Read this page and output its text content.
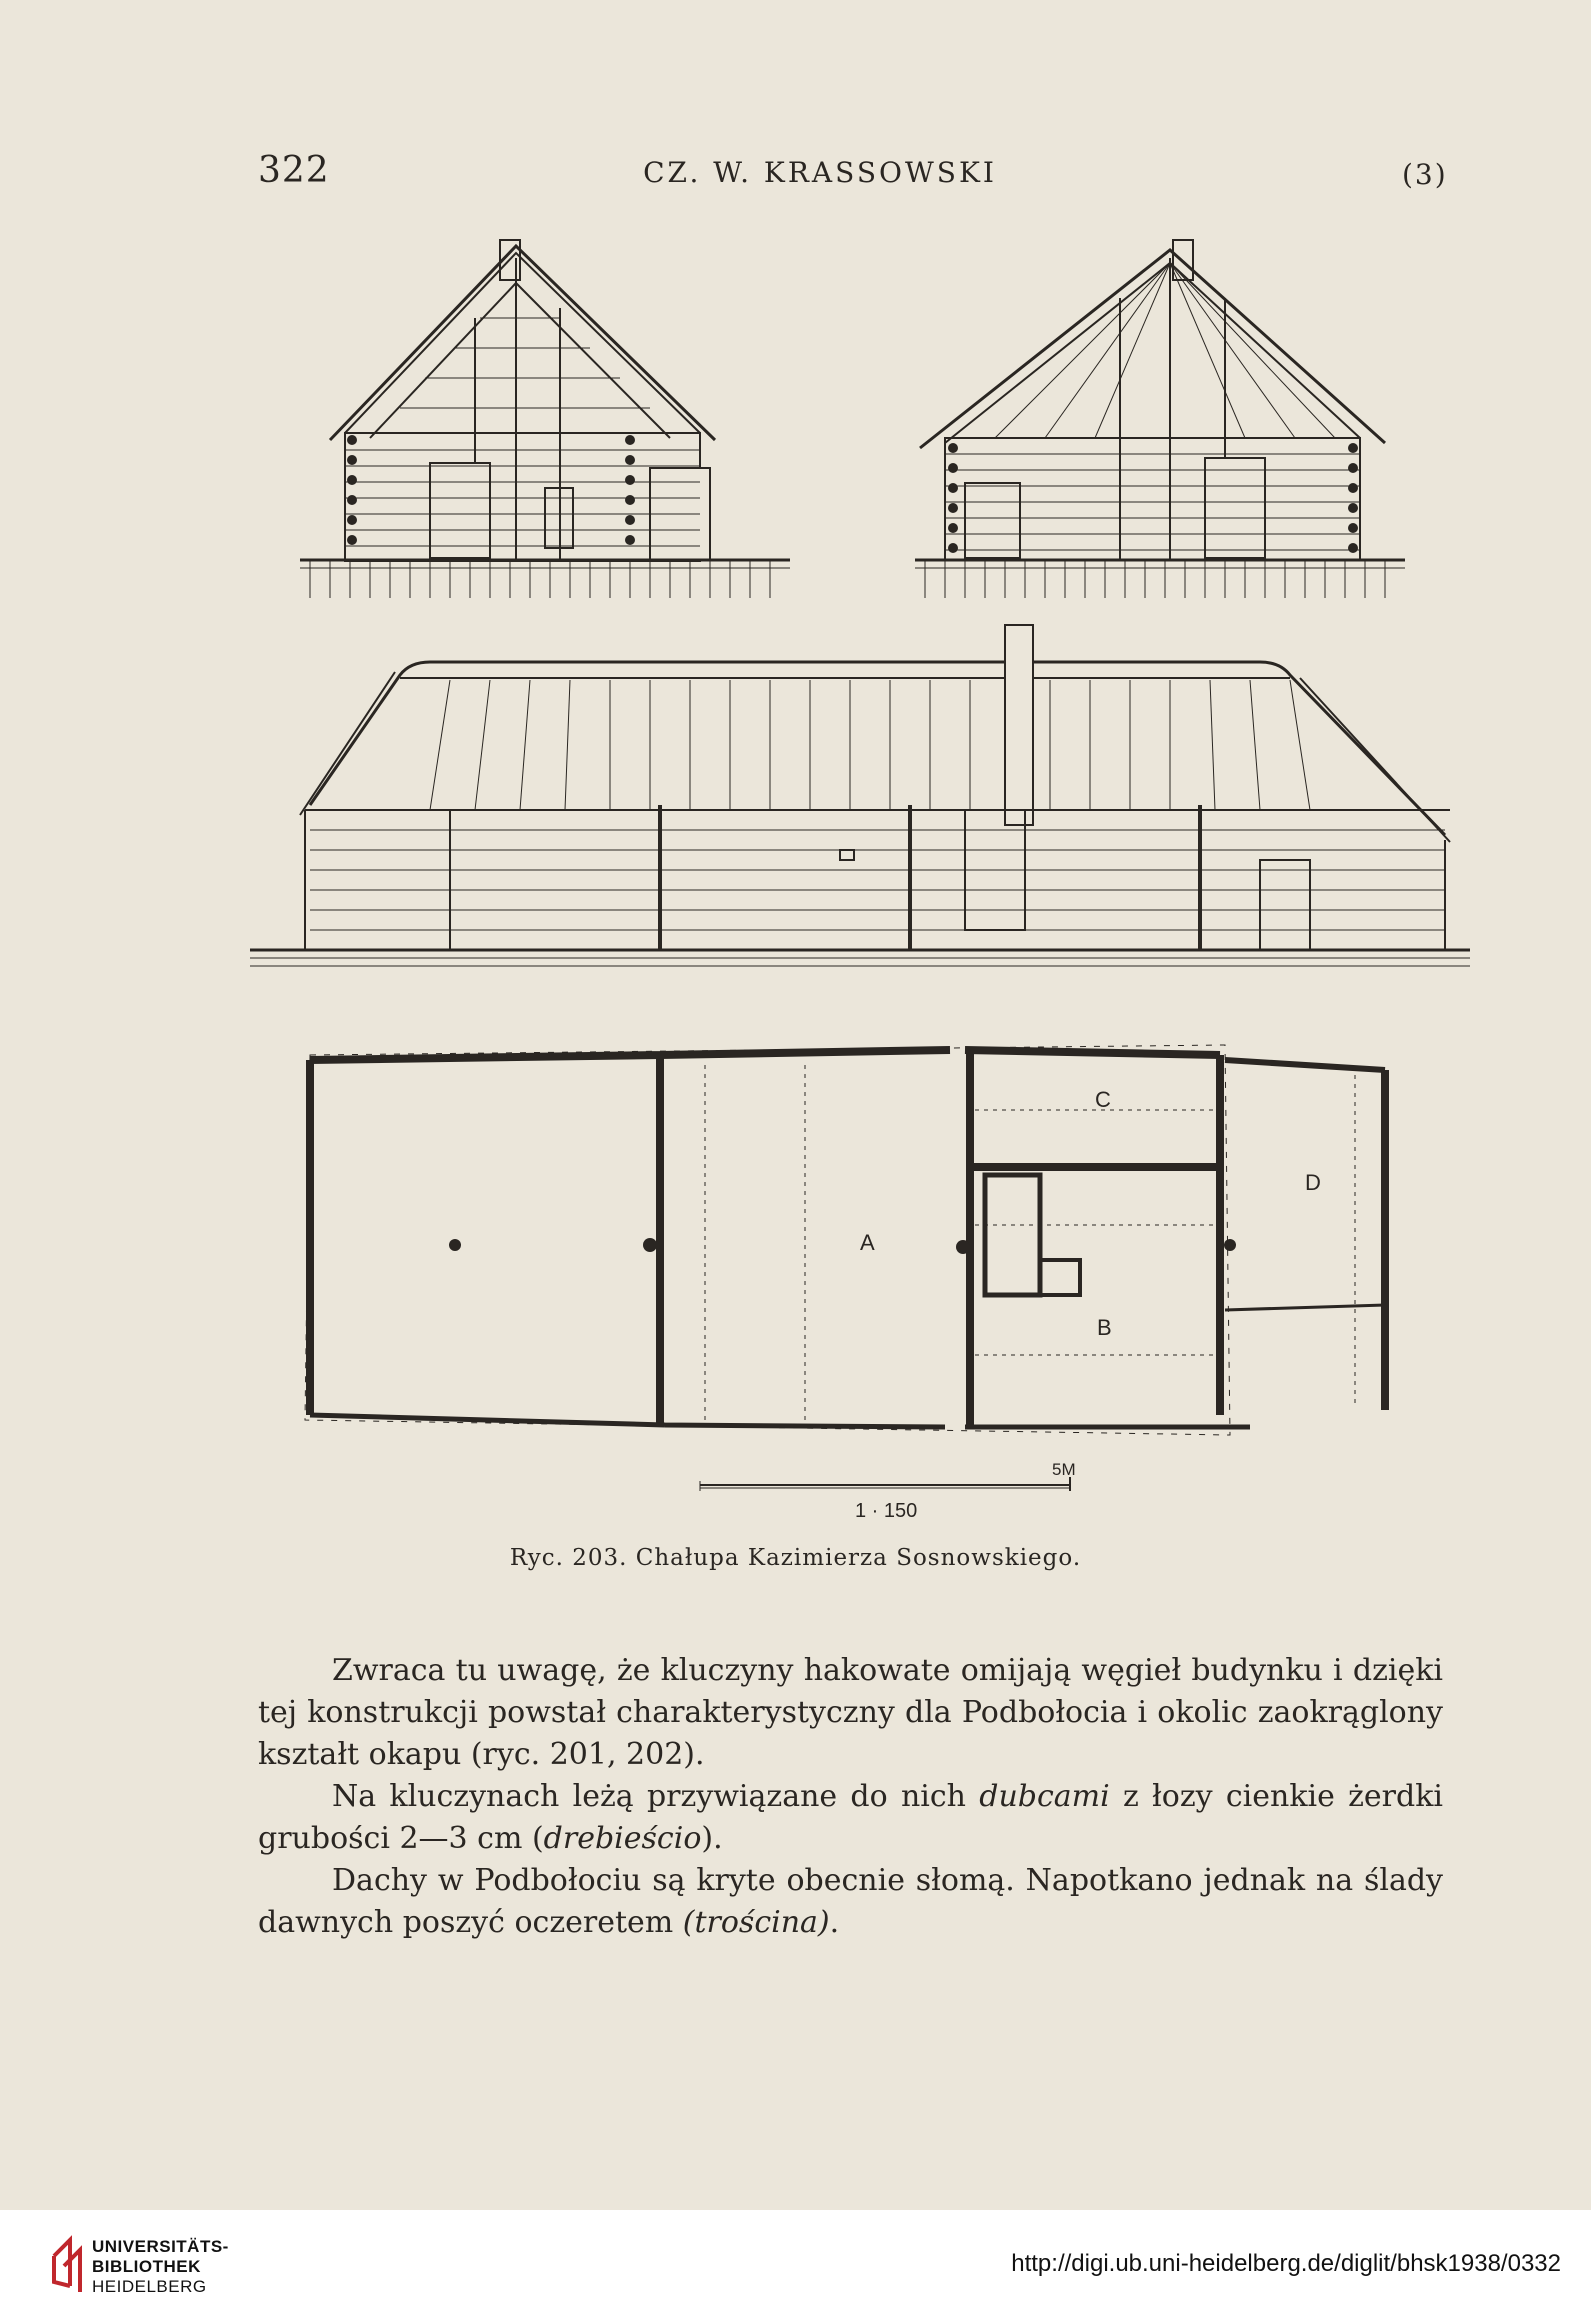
322	CZ. W. KRASSOWSKI	(3)
A
B
C
D
5M
1 · 150
Ryc. 203. Chałupa Kazimierza Sosnowskiego.

Zwraca tu uwagę, że kluczyny hakowate omijają węgieł budynku i dzięki tej konstrukcji powstał charakterystyczny dla Podbołocia i okolic zaokrąglony kształt okapu (ryc. 201, 202).

Na kluczynach leżą przywiązane do nich dubcami z łozy cienkie żerdki grubości 2—3 cm (drebieścio).

Dachy w Podbołociu są kryte obecnie słomą. Napotkano jednak na ślady dawnych poszyć oczeretem (trościna).

UNIVERSITÄTS-
BIBLIOTHEK
HEIDELBERG
http://digi.ub.uni-heidelberg.de/diglit/bhsk1938/0332
